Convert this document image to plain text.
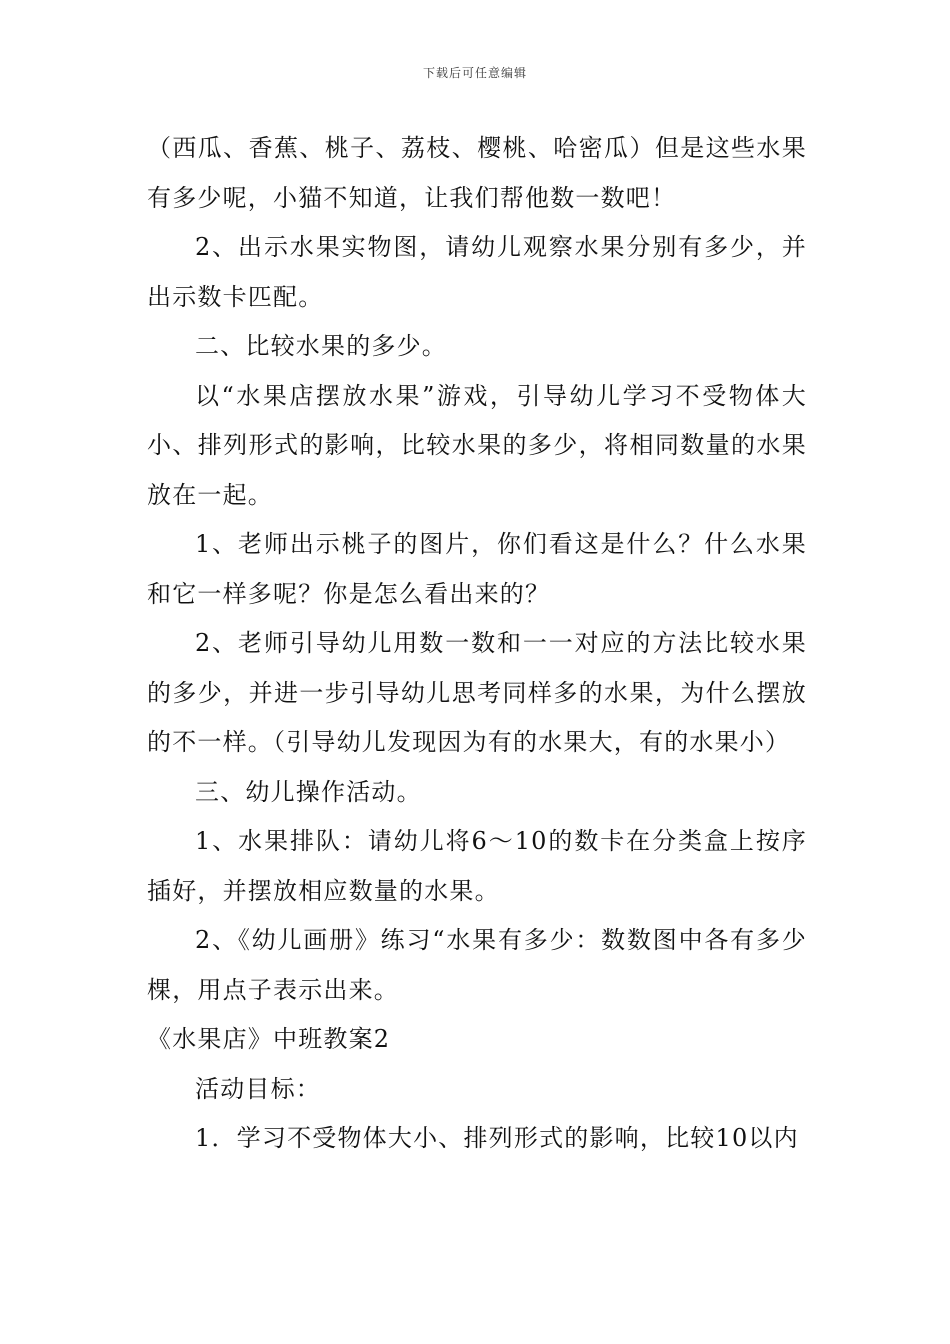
下载后可任意编辑

（西瓜、香蕉、桃子、荔枝、樱桃、哈密瓜）但是这些水果有多少呢，小猫不知道，让我们帮他数一数吧！

2、出示水果实物图，请幼儿观察水果分别有多少，并出示数卡匹配。

二、比较水果的多少。

以“水果店摆放水果”游戏，引导幼儿学习不受物体大小、排列形式的影响，比较水果的多少，将相同数量的水果放在一起。

1、老师出示桃子的图片，你们看这是什么？什么水果和它一样多呢？你是怎么看出来的？

2、老师引导幼儿用数一数和一一对应的方法比较水果的多少，并进一步引导幼儿思考同样多的水果，为什么摆放的不一样。（引导幼儿发现因为有的水果大，有的水果小）

三、幼儿操作活动。

1、水果排队：请幼儿将6～10的数卡在分类盒上按序插好，并摆放相应数量的水果。

2、《幼儿画册》练习“水果有多少：数数图中各有多少棵，用点子表示出来。

《水果店》中班教案2

活动目标：

1．学习不受物体大小、排列形式的影响，比较10以内
